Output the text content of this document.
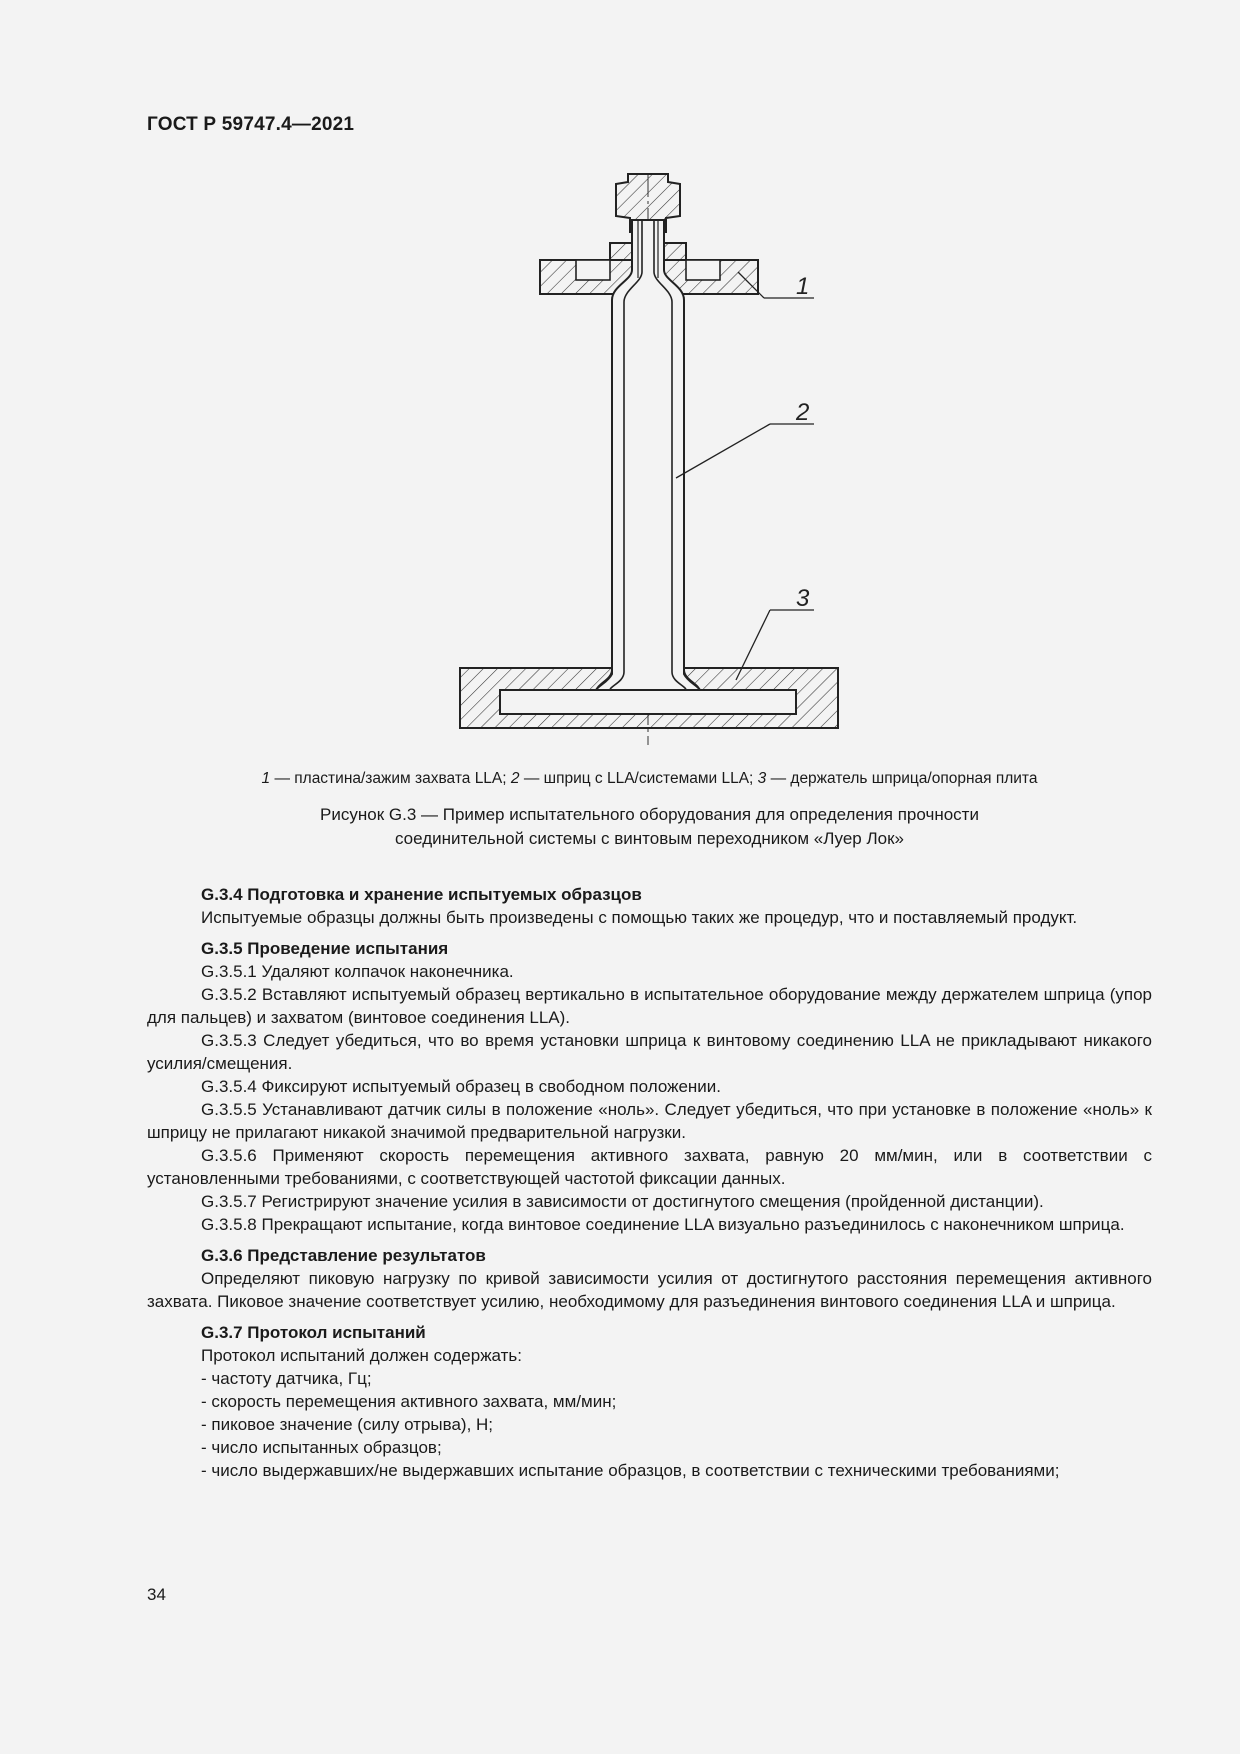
ГОСТ Р 59747.4—2021
1
2
3
1 — пластина/зажим захвата LLA; 2 — шприц с LLA/системами LLA; 3 — держатель шприца/опорная плита
Рисунок G.3 — Пример испытательного оборудования для определения прочности
соединительной системы с винтовым переходником «Луер Лок»

G.3.4 Подготовка и хранение испытуемых образцов

Испытуемые образцы должны быть произведены с помощью таких же процедур, что и поставляемый продукт.

G.3.5 Проведение испытания

G.3.5.1 Удаляют колпачок наконечника.

G.3.5.2 Вставляют испытуемый образец вертикально в испытательное оборудование между держателем шприца (упор для пальцев) и захватом (винтовое соединения LLA).

G.3.5.3 Следует убедиться, что во время установки шприца к винтовому соединению LLA не прикладывают никакого усилия/смещения.

G.3.5.4 Фиксируют испытуемый образец в свободном положении.

G.3.5.5 Устанавливают датчик силы в положение «ноль». Следует убедиться, что при установке в положение «ноль» к шприцу не прилагают никакой значимой предварительной нагрузки.

G.3.5.6 Применяют скорость перемещения активного захвата, равную 20 мм/мин, или в соответствии с установленными требованиями, с соответствующей частотой фиксации данных.

G.3.5.7 Регистрируют значение усилия в зависимости от достигнутого смещения (пройденной дистанции).

G.3.5.8 Прекращают испытание, когда винтовое соединение LLA визуально разъединилось с наконечником шприца.

G.3.6 Представление результатов

Определяют пиковую нагрузку по кривой зависимости усилия от достигнутого расстояния перемещения активного захвата. Пиковое значение соответствует усилию, необходимому для разъединения винтового соединения LLA и шприца.

G.3.7 Протокол испытаний

Протокол испытаний должен содержать:

- частоту датчика, Гц;

- скорость перемещения активного захвата, мм/мин;

- пиковое значение (силу отрыва), Н;

- число испытанных образцов;

- число выдержавших/не выдержавших испытание образцов, в соответствии с техническими требованиями;

34
